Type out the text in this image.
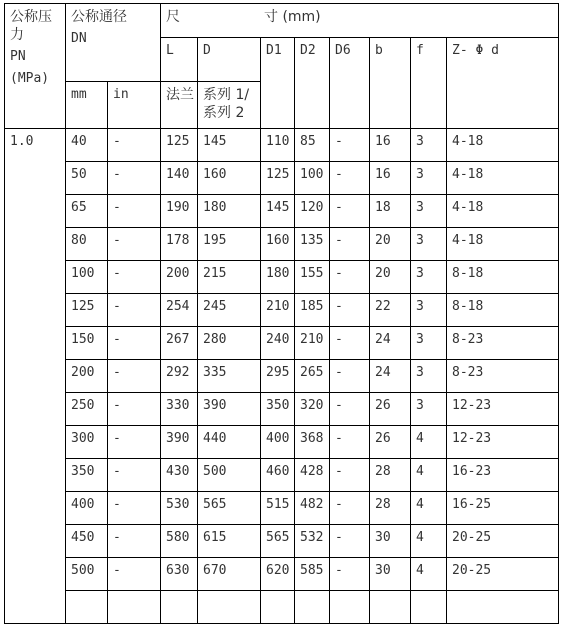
公称压力
PN
(MPa)	公称通径
DN		尺 寸 (mm)							
			L	D	D1	D2	D6	b	f	Z- Φ d
	mm	in	法兰	系列 1/
系列 2						

1.0	40	-	125	145	110	85	-	16	3	4-18
	50	-	140	160	125	100	-	16	3	4-18
	65	-	190	180	145	120	-	18	3	4-18
	80	-	178	195	160	135	-	20	3	4-18
	100	-	200	215	180	155	-	20	3	8-18
	125	-	254	245	210	185	-	22	3	8-18
	150	-	267	280	240	210	-	24	3	8-23
	200	-	292	335	295	265	-	24	3	8-23
	250	-	330	390	350	320	-	26	3	12-23
	300	-	390	440	400	368	-	26	4	12-23
	350	-	430	500	460	428	-	28	4	16-23
	400	-	530	565	515	482	-	28	4	16-25
	450	-	580	615	565	532	-	30	4	20-25
	500	-	630	670	620	585	-	30	4	20-25
